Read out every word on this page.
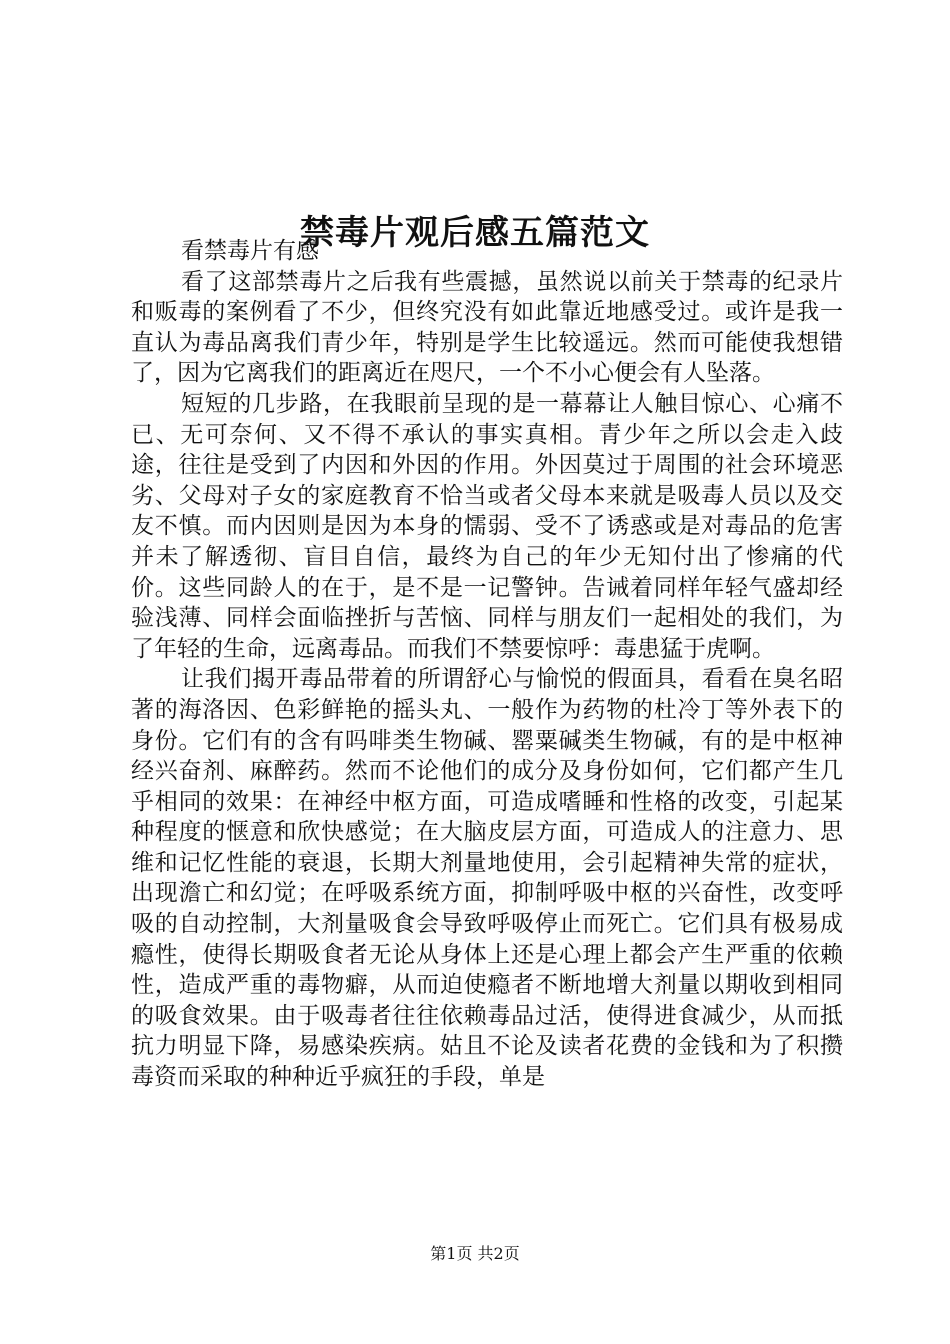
禁毒片观后感五篇范文

看禁毒片有感

看了这部禁毒片之后我有些震撼，虽然说以前关于禁毒的纪录片和贩毒的案例看了不少，但终究没有如此靠近地感受过。或许是我一直认为毒品离我们青少年，特别是学生比较遥远。然而可能使我想错了，因为它离我们的距离近在咫尺，一个不小心便会有人坠落。

短短的几步路，在我眼前呈现的是一幕幕让人触目惊心、心痛不已、无可奈何、又不得不承认的事实真相。青少年之所以会走入歧途，往往是受到了内因和外因的作用。外因莫过于周围的社会环境恶劣、父母对子女的家庭教育不恰当或者父母本来就是吸毒人员以及交友不慎。而内因则是因为本身的懦弱、受不了诱惑或是对毒品的危害并未了解透彻、盲目自信，最终为自己的年少无知付出了惨痛的代价。这些同龄人的在于，是不是一记警钟。告诫着同样年轻气盛却经验浅薄、同样会面临挫折与苦恼、同样与朋友们一起相处的我们，为了年轻的生命，远离毒品。而我们不禁要惊呼：毒患猛于虎啊。

让我们揭开毒品带着的所谓舒心与愉悦的假面具，看看在臭名昭著的海洛因、色彩鲜艳的摇头丸、一般作为药物的杜冷丁等外表下的身份。它们有的含有吗啡类生物碱、罂粟碱类生物碱，有的是中枢神经兴奋剂、麻醉药。然而不论他们的成分及身份如何，它们都产生几乎相同的效果：在神经中枢方面，可造成嗜睡和性格的改变，引起某种程度的惬意和欣快感觉；在大脑皮层方面，可造成人的注意力、思维和记忆性能的衰退，长期大剂量地使用，会引起精神失常的症状，出现澹亡和幻觉；在呼吸系统方面，抑制呼吸中枢的兴奋性，改变呼吸的自动控制，大剂量吸食会导致呼吸停止而死亡。它们具有极易成瘾性，使得长期吸食者无论从身体上还是心理上都会产生严重的依赖性，造成严重的毒物癖，从而迫使瘾者不断地增大剂量以期收到相同的吸食效果。由于吸毒者往往依赖毒品过活，使得进食减少，从而抵抗力明显下降，易感染疾病。姑且不论及读者花费的金钱和为了积攒毒资而采取的种种近乎疯狂的手段，单是

第1页 共2页
